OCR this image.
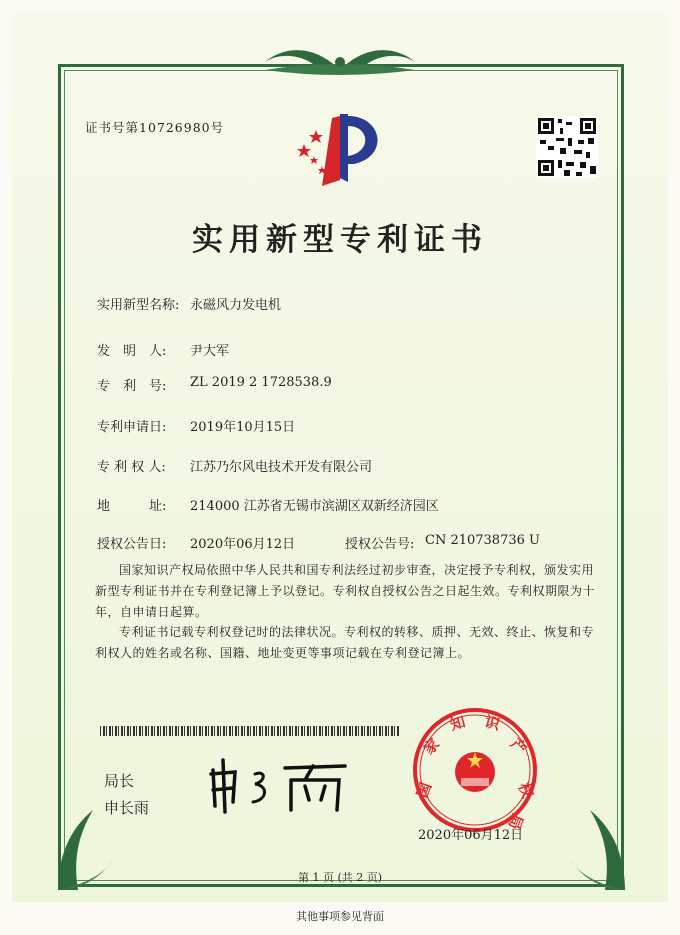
证书号第10726980号
实用新型专利证书
实用新型名称: 永磁风力发电机
发　明　人: 尹大军
专　利　号: ZL 2019 2 1728538.9
专利申请日: 2019年10月15日
专 利 权 人: 江苏乃尔风电技术开发有限公司
地　　　址: 214000 江苏省无锡市滨湖区双新经济园区
授权公告日: 2020年06月12日	授权公告号: CN 210738736 U
国家知识产权局依照中华人民共和国专利法经过初步审查，决定授予专利权，颁发实用新型专利证书并在专利登记簿上予以登记。专利权自授权公告之日起生效。专利权期限为十年，自申请日起算。
专利证书记载专利权登记时的法律状况。专利权的转移、质押、无效、终止、恢复和专利权人的姓名或名称、国籍、地址变更等事项记载在专利登记簿上。
局长
申长雨
国
家
知 识
产
权
局
2020年06月12日
第 1 页 (共 2 页)
其他事项参见背面
